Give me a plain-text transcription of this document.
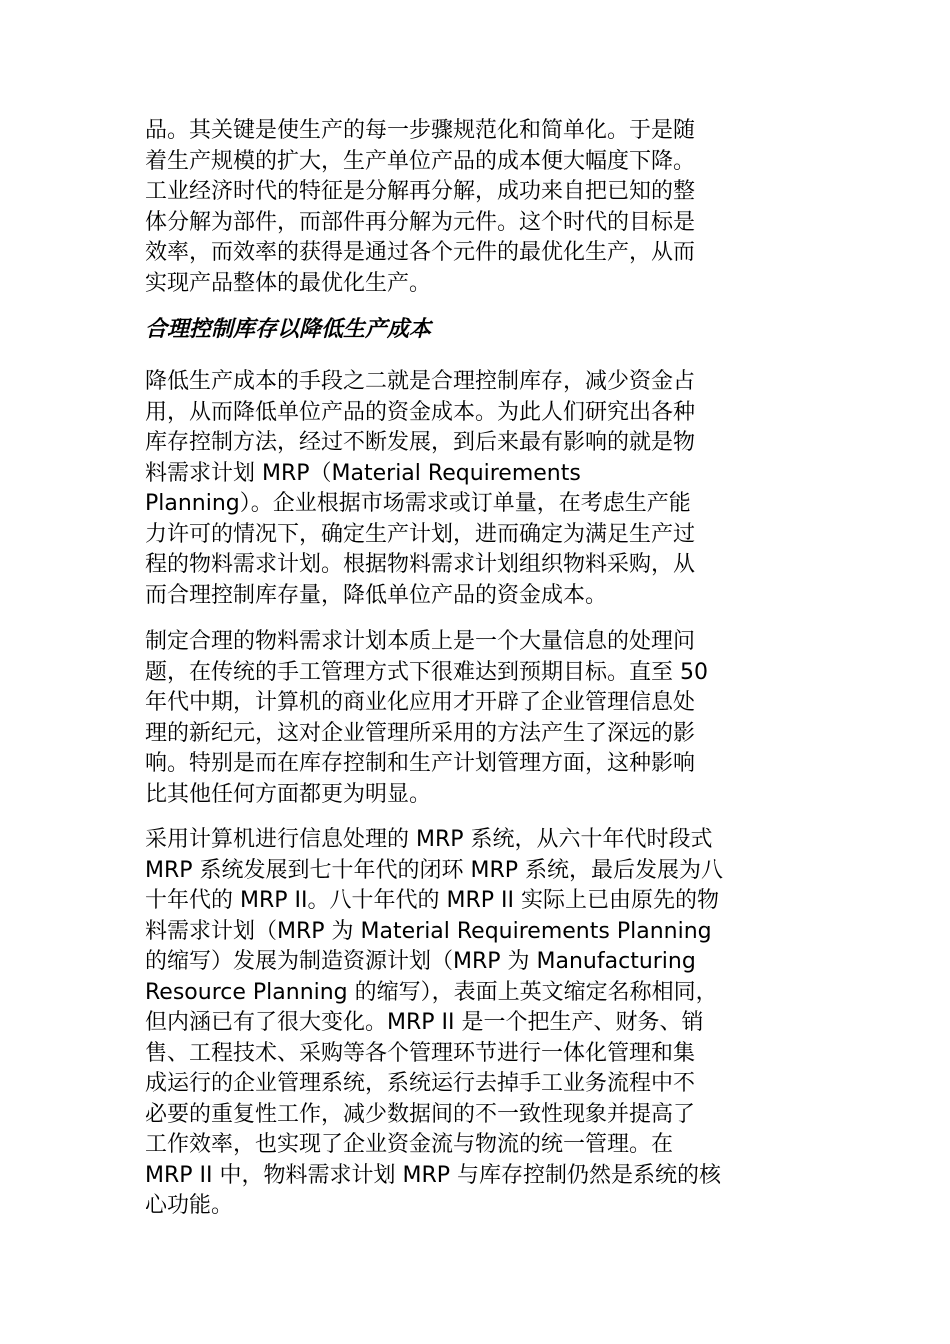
品。其关键是使生产的每一步骤规范化和简单化。于是随
着生产规模的扩大，生产单位产品的成本便大幅度下降。
工业经济时代的特征是分解再分解，成功来自把已知的整
体分解为部件，而部件再分解为元件。这个时代的目标是
效率，而效率的获得是通过各个元件的最优化生产，从而
实现产品整体的最优化生产。

合理控制库存以降低生产成本

降低生产成本的手段之二就是合理控制库存，减少资金占
用，从而降低单位产品的资金成本。为此人们研究出各种
库存控制方法，经过不断发展，到后来最有影响的就是物
料需求计划 MRP（Material Requirements
Planning）。企业根据市场需求或订单量，在考虑生产能
力许可的情况下，确定生产计划，进而确定为满足生产过
程的物料需求计划。根据物料需求计划组织物料采购，从
而合理控制库存量，降低单位产品的资金成本。

制定合理的物料需求计划本质上是一个大量信息的处理问
题，在传统的手工管理方式下很难达到预期目标。直至 50
年代中期，计算机的商业化应用才开辟了企业管理信息处
理的新纪元，这对企业管理所采用的方法产生了深远的影
响。特别是而在库存控制和生产计划管理方面，这种影响
比其他任何方面都更为明显。

采用计算机进行信息处理的 MRP 系统，从六十年代时段式
MRP 系统发展到七十年代的闭环 MRP 系统，最后发展为八
十年代的 MRP II。八十年代的 MRP II 实际上已由原先的物
料需求计划（MRP 为 Material Requirements Planning
的缩写）发展为制造资源计划（MRP 为 Manufacturing
Resource Planning 的缩写），表面上英文缩定名称相同，
但内涵已有了很大变化。MRP II 是一个把生产、财务、销
售、工程技术、采购等各个管理环节进行一体化管理和集
成运行的企业管理系统，系统运行去掉手工业务流程中不
必要的重复性工作，减少数据间的不一致性现象并提高了
工作效率，也实现了企业资金流与物流的统一管理。在
MRP II 中，物料需求计划 MRP 与库存控制仍然是系统的核
心功能。
